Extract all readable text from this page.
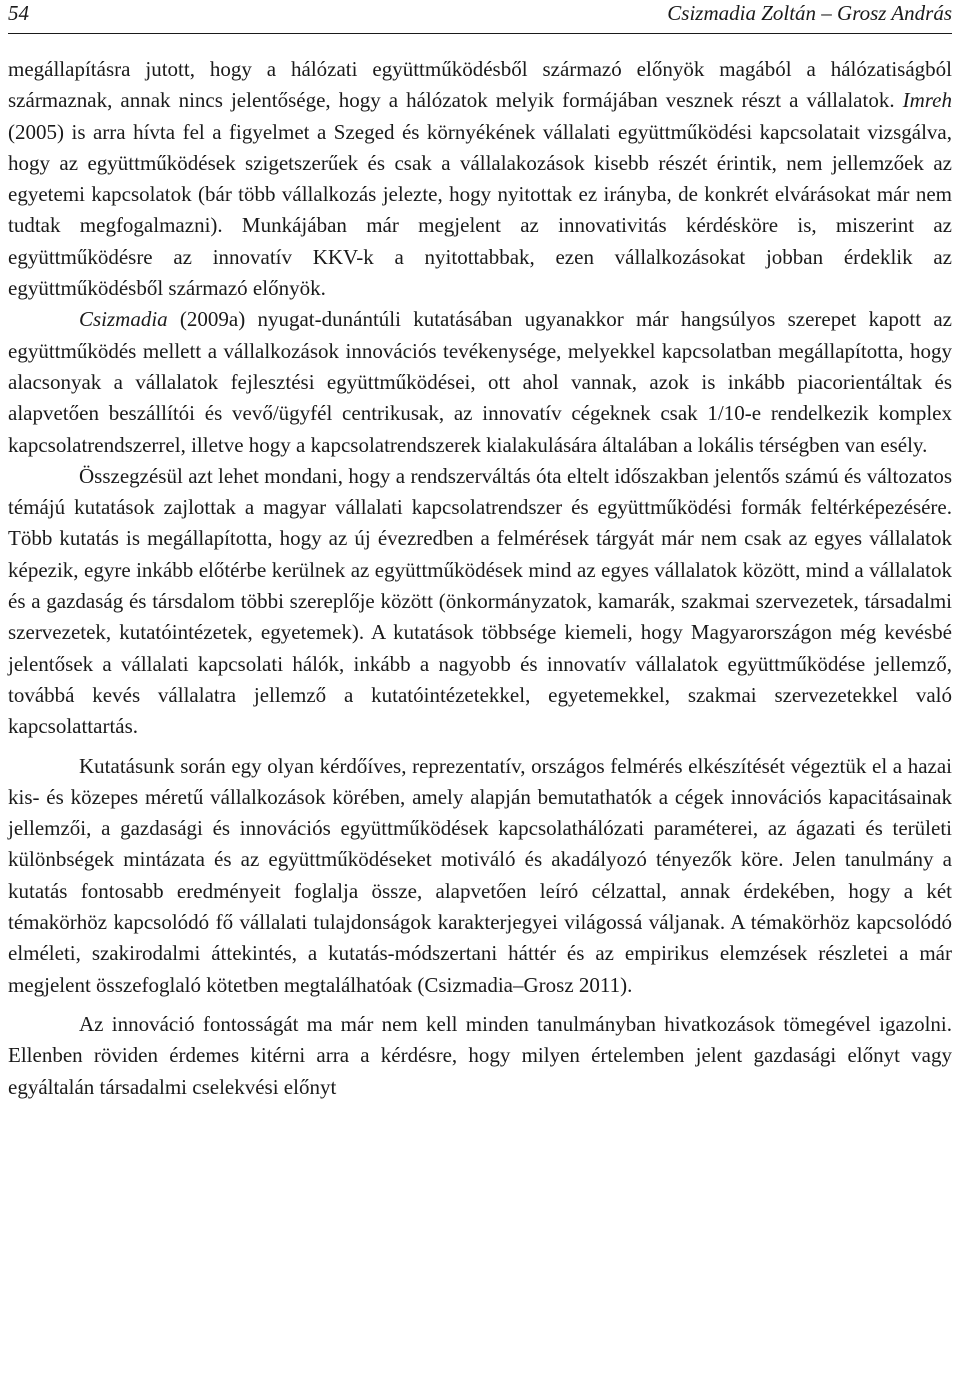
54	Csizmadia Zoltán – Grosz András

megállapításra jutott, hogy a hálózati együttműködésből származó előnyök magából a hálózatiságból származnak, annak nincs jelentősége, hogy a hálózatok melyik formájában vesznek részt a vállalatok. Imreh (2005) is arra hívta fel a figyelmet a Szeged és környékének vállalati együttműködési kapcsolatait vizsgálva, hogy az együttműködések szigetszerűek és csak a vállalakozások kisebb részét érintik, nem jellemzőek az egyetemi kapcsolatok (bár több vállalkozás jelezte, hogy nyitottak ez irányba, de konkrét elvárásokat már nem tudtak megfogalmazni). Munkájában már megjelent az innovativitás kérdésköre is, miszerint az együttműködésre az innovatív KKV-k a nyitottabbak, ezen vállalkozásokat jobban érdeklik az együttműködésből származó előnyök.

Csizmadia (2009a) nyugat-dunántúli kutatásában ugyanakkor már hangsúlyos szerepet kapott az együttműködés mellett a vállalkozások innovációs tevékenysége, melyekkel kapcsolatban megállapította, hogy alacsonyak a vállalatok fejlesztési együttműködései, ott ahol vannak, azok is inkább piacorientáltak és alapvetően beszállítói és vevő/ügyfél centrikusak, az innovatív cégeknek csak 1/10-e rendelkezik komplex kapcsolatrendszerrel, illetve hogy a kapcsolatrendszerek kialakulására általában a lokális térségben van esély.

Összegzésül azt lehet mondani, hogy a rendszerváltás óta eltelt időszakban jelentős számú és változatos témájú kutatások zajlottak a magyar vállalati kapcsolatrendszer és együttműködési formák feltérképezésére. Több kutatás is megállapította, hogy az új évezredben a felmérések tárgyát már nem csak az egyes vállalatok képezik, egyre inkább előtérbe kerülnek az együttműködések mind az egyes vállalatok között, mind a vállalatok és a gazdaság és társdalom többi szereplője között (önkormányzatok, kamarák, szakmai szervezetek, társadalmi szervezetek, kutatóintézetek, egyetemek). A kutatások többsége kiemeli, hogy Magyarországon még kevésbé jelentősek a vállalati kapcsolati hálók, inkább a nagyobb és innovatív vállalatok együttműködése jellemző, továbbá kevés vállalatra jellemző a kutatóintézetekkel, egyetemekkel, szakmai szervezetekkel való kapcsolattartás.

Kutatásunk során egy olyan kérdőíves, reprezentatív, országos felmérés elkészítését végeztük el a hazai kis- és közepes méretű vállalkozások körében, amely alapján bemutathatók a cégek innovációs kapacitásainak jellemzői, a gazdasági és innovációs együttműködések kapcsolathálózati paraméterei, az ágazati és területi különbségek mintázata és az együttműködéseket motiváló és akadályozó tényezők köre. Jelen tanulmány a kutatás fontosabb eredményeit foglalja össze, alapvetően leíró célzattal, annak érdekében, hogy a két témakörhöz kapcsolódó fő vállalati tulajdonságok karakterjegyei világossá váljanak. A témakörhöz kapcsolódó elméleti, szakirodalmi áttekintés, a kutatás-módszertani háttér és az empirikus elemzések részletei a már megjelent összefoglaló kötetben megtalálhatóak (Csizmadia–Grosz 2011).

Az innováció fontosságát ma már nem kell minden tanulmányban hivatkozások tömegével igazolni. Ellenben röviden érdemes kitérni arra a kérdésre, hogy milyen értelemben jelent gazdasági előnyt vagy egyáltalán társadalmi cselekvési előnyt
